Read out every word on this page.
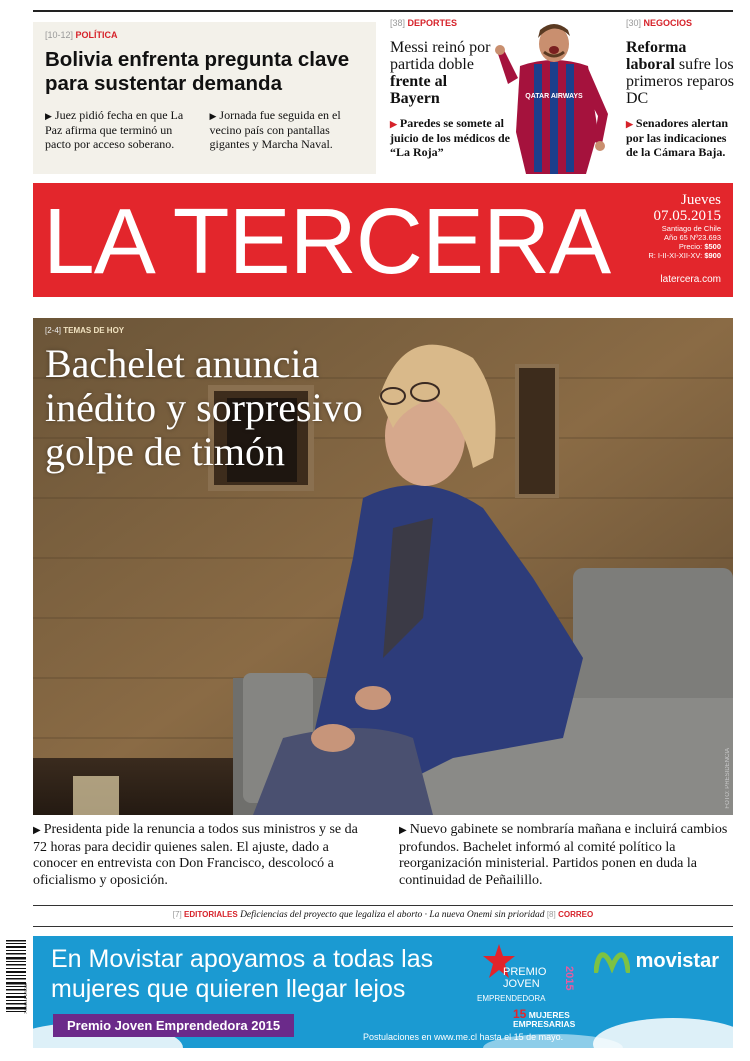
[10-12] POLÍTICA
Bolivia enfrenta pregunta clave para sustentar demanda

▶ Juez pidió fecha en que La Paz afirma que terminó un pacto por acceso soberano.

▶ Jornada fue seguida en el vecino país con pantallas gigantes y Marcha Naval.

[38] DEPORTES
Messi reinó por partida doble frente al Bayern

▶ Paredes se somete al juicio de los médicos de “La Roja”

QATAR AIRWAYS
[30] NEGOCIOS
Reforma laboral sufre los primeros reparos DC

▶ Senadores alertan por las indicaciones de la Cámara Baja.

LA TERCERA	Jueves
07.05.2015
Santiago de Chile
Año 65 Nº23.693
Precio: $500
R: I-II-XI-XII-XV: $900
latercera.com
[2-4] TEMAS DE HOY
Bachelet anuncia inédito y sorpresivo golpe de timón
FOTO: PRESIDENCIA

▶ Presidenta pide la renuncia a todos sus ministros y se da 72 horas para decidir quienes salen. El ajuste, dado a conocer en entrevista con Don Francisco, descolocó a oficialismo y oposición.

▶ Nuevo gabinete se nombraría mañana e incluirá cambios profundos. Bachelet informó al comité político la reorganización ministerial. Partidos ponen en duda la continuidad de Peñailillo.

[7] EDITORIALES Deficiencias del proyecto que legaliza el aborto · La nueva Onemi sin prioridad [8] CORREO
7 804641 170006
En Movistar apoyamos a todas las mujeres que quieren llegar lejos
Premio Joven Emprendedora 2015
PREMIO
JOVEN
EMPRENDEDORA
2015
15 MUJERES EMPRESARIAS
movistar
Postulaciones en www.me.cl hasta el 15 de mayo.
